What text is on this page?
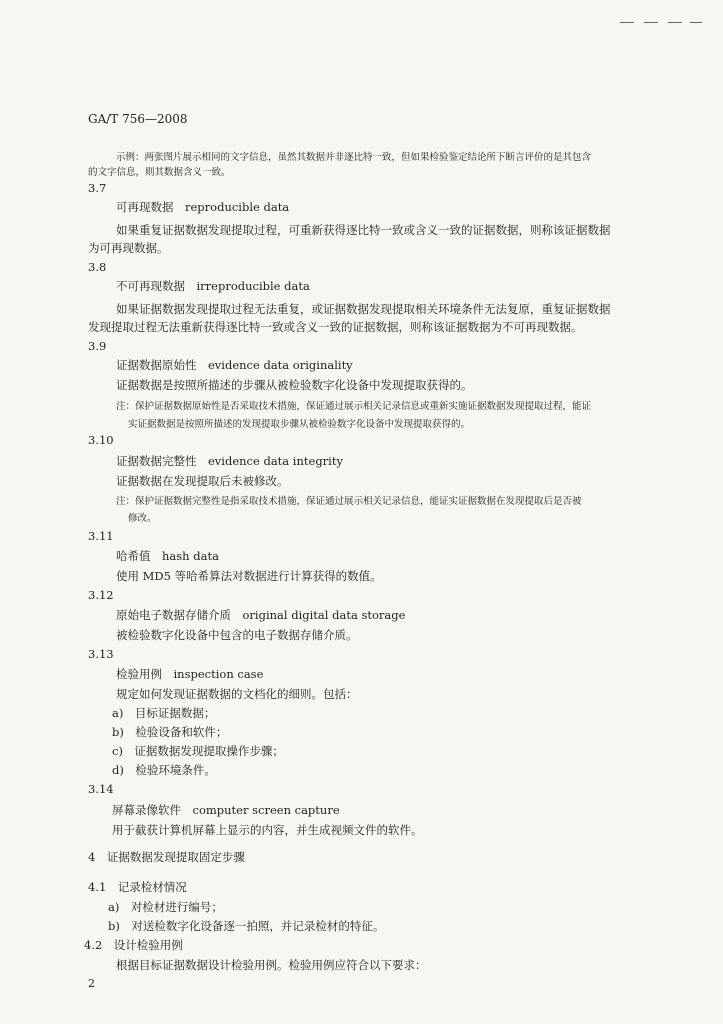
GA/T 756—2008
示例：两张图片展示相同的文字信息，虽然其数据并非逐比特一致，但如果检验鉴定结论所下断言评价的是其包含
的文字信息，则其数据含义一致。
3.7
可再现数据　reproducible data
如果重复证据数据发现提取过程，可重新获得逐比特一致或含义一致的证据数据，则称该证据数据
为可再现数据。
3.8
不可再现数据　irreproducible data
如果证据数据发现提取过程无法重复，或证据数据发现提取相关环境条件无法复原，重复证据数据
发现提取过程无法重新获得逐比特一致或含义一致的证据数据，则称该证据数据为不可再现数据。
3.9
证据数据原始性　evidence data originality
证据数据是按照所描述的步骤从被检验数字化设备中发现提取获得的。
注：保护证据数据原始性是否采取技术措施，保证通过展示相关记录信息或重新实施证据数据发现提取过程，能证
实证据数据是按照所描述的发现提取步骤从被检验数字化设备中发现提取获得的。
3.10
证据数据完整性　evidence data integrity
证据数据在发现提取后未被修改。
注：保护证据数据完整性是指采取技术措施，保证通过展示相关记录信息，能证实证据数据在发现提取后是否被
修改。
3.11
哈希值　hash data
使用 MD5 等哈希算法对数据进行计算获得的数值。
3.12
原始电子数据存储介质　original digital data storage
被检验数字化设备中包含的电子数据存储介质。
3.13
检验用例　inspection case
规定如何发现证据数据的文档化的细则。包括：
a)　目标证据数据；
b)　检验设备和软件；
c)　证据数据发现提取操作步骤；
d)　检验环境条件。
3.14
屏幕录像软件　computer screen capture
用于截获计算机屏幕上显示的内容，并生成视频文件的软件。
4　证据数据发现提取固定步骤
4.1　记录检材情况
a)　对检材进行编号；
b)　对送检数字化设备逐一拍照，并记录检材的特征。
4.2　设计检验用例
根据目标证据数据设计检验用例。检验用例应符合以下要求：
2
